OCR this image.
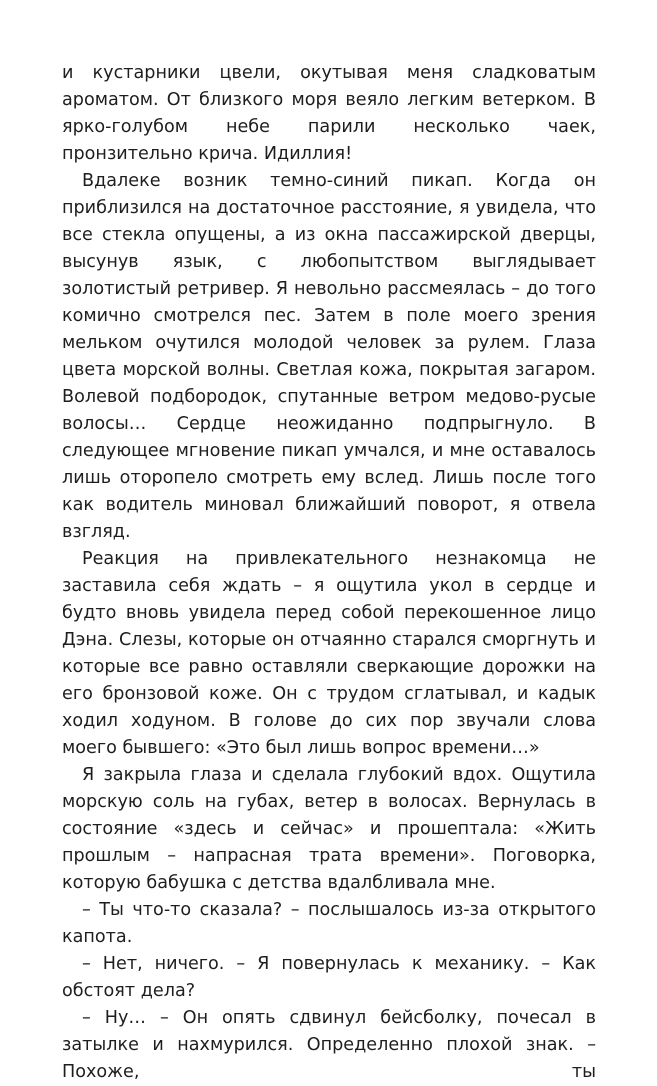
и кустарники цвели, окутывая меня сладковатым ароматом. От близкого моря веяло легким ветерком. В ярко-голубом небе парили несколько чаек, пронзительно крича. Идиллия!

Вдалеке возник темно-синий пикап. Когда он приблизился на достаточное расстояние, я увидела, что все стекла опущены, а из окна пассажирской дверцы, высунув язык, с любопытством выглядывает золотистый ретривер. Я невольно рассмеялась – до того комично смотрелся пес. Затем в поле моего зрения мельком очутился молодой человек за рулем. Глаза цвета морской волны. Светлая кожа, покрытая загаром. Волевой подбородок, спутанные ветром медово-русые волосы… Сердце неожиданно подпрыгнуло. В следующее мгновение пикап умчался, и мне оставалось лишь оторопело смотреть ему вслед. Лишь после того как водитель миновал ближайший поворот, я отвела взгляд.

Реакция на привлекательного незнакомца не заставила себя ждать – я ощутила укол в сердце и будто вновь увидела перед собой перекошенное лицо Дэна. Слезы, которые он отчаянно старался сморгнуть и которые все равно оставляли сверкающие дорожки на его бронзовой коже. Он с трудом сглатывал, и кадык ходил ходуном. В голове до сих пор звучали слова моего бывшего: «Это был лишь вопрос времени…»

Я закрыла глаза и сделала глубокий вдох. Ощутила морскую соль на губах, ветер в волосах. Вернулась в состояние «здесь и сейчас» и прошептала: «Жить прошлым – напрасная трата времени». Поговорка, которую бабушка с детства вдалбливала мне.

– Ты что-то сказала? – послышалось из-за открытого капота.

– Нет, ничего. – Я повернулась к механику. – Как обстоят дела?

– Ну… – Он опять сдвинул бейсболку, почесал в затылке и нахмурился. Определенно плохой знак. – Похоже, ты
